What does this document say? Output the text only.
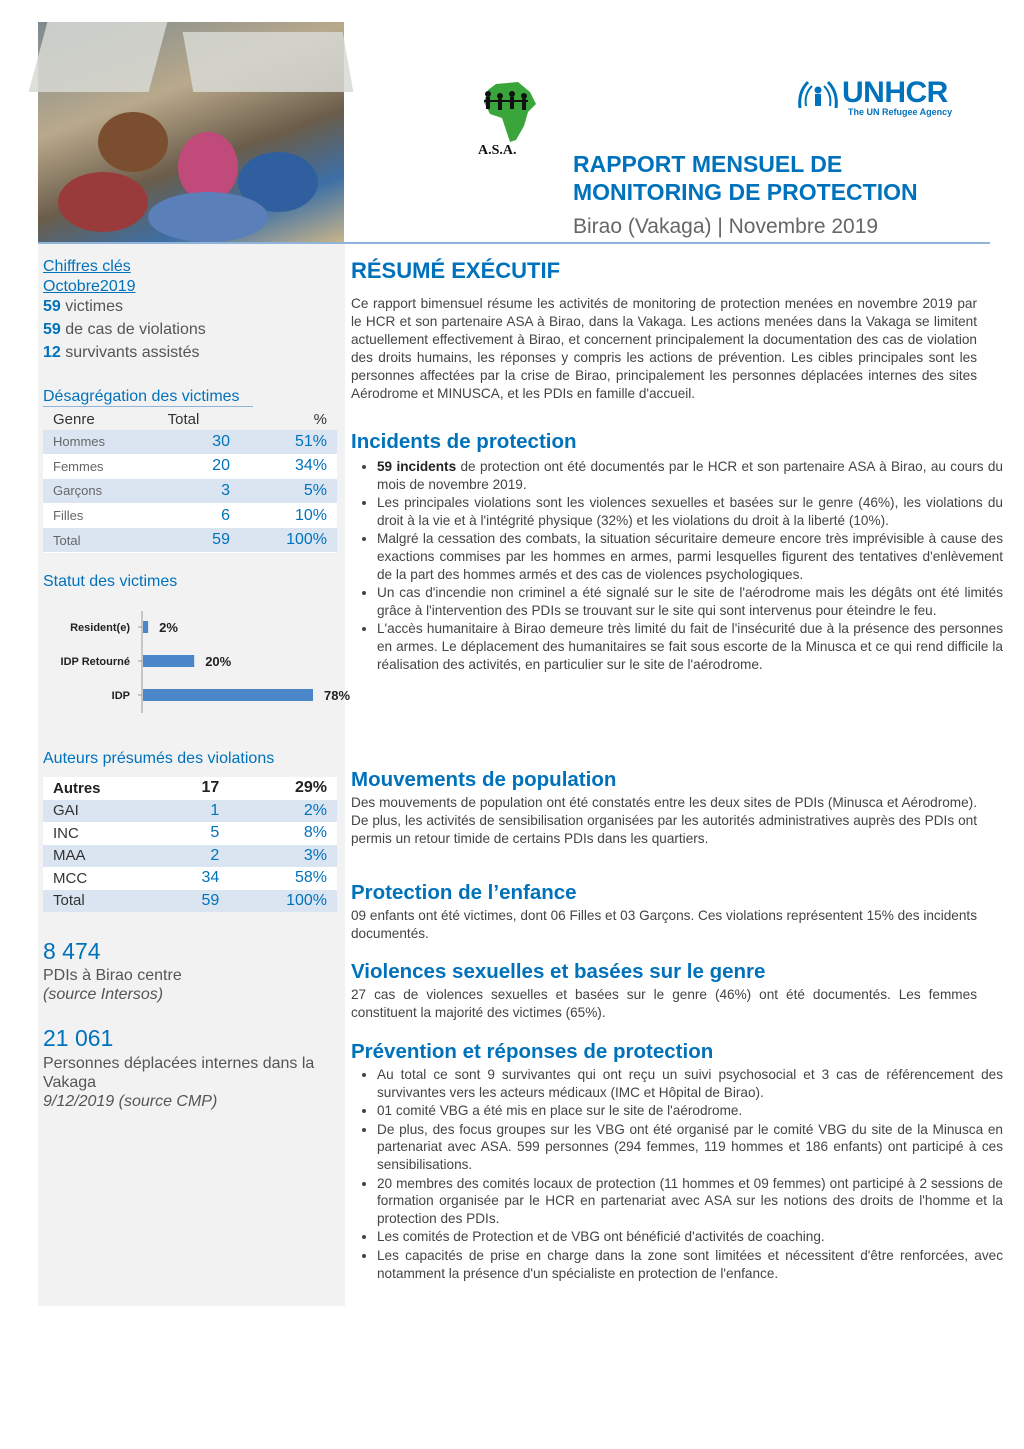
A.S.A.
UNHCR
The UN Refugee Agency
RAPPORT MENSUEL DE
MONITORING DE PROTECTION
Birao (Vakaga) | Novembre 2019
Chiffres clés
Octobre2019
59 victimes
59 de cas de violations
12 survivants assistés
Désagrégation des victimes
Genre	Total	%
Hommes	30	51%
Femmes	20	34%
Garçons	3	5%
Filles	6	10%
Total	59	100%
Statut des victimes
Resident(e) 2%
IDP Retourné	20%
IDP	78%
Auteurs présumés des violations
Autres	17	29%
GAI	1	2%
INC	5	8%
MAA	2	3%
MCC	34	58%
Total	59	100%
8 474
PDIs à Birao centre
(source Intersos)
21 061
Personnes déplacées internes dans la Vakaga
9/12/2019 (source CMP)
RÉSUMÉ EXÉCUTIF

Ce rapport bimensuel résume les activités de monitoring de protection menées en novembre 2019 par le HCR et son partenaire ASA à Birao, dans la Vakaga. Les actions menées dans la Vakaga se limitent actuellement effectivement à Birao, et concernent principalement la documentation des cas de violation des droits humains, les réponses y compris les actions de prévention. Les cibles principales sont les personnes affectées par la crise de Birao, principalement les personnes déplacées internes des sites Aérodrome et MINUSCA, et les PDIs en famille d'accueil.

Incidents de protection
• 59 incidents de protection ont été documentés par le HCR et son partenaire ASA à Birao, au cours du mois de novembre 2019.
• Les principales violations sont les violences sexuelles et basées sur le genre (46%), les violations du droit à la vie et à l'intégrité physique (32%) et les violations du droit à la liberté (10%).
• Malgré la cessation des combats, la situation sécuritaire demeure encore très imprévisible à cause des exactions commises par les hommes en armes, parmi lesquelles figurent des tentatives d'enlèvement de la part des hommes armés et des cas de violences psychologiques.
• Un cas d'incendie non criminel a été signalé sur le site de l'aérodrome mais les dégâts ont été limités grâce à l'intervention des PDIs se trouvant sur le site qui sont intervenus pour éteindre le feu.
• L'accès humanitaire à Birao demeure très limité du fait de l'insécurité due à la présence des personnes en armes. Le déplacement des humanitaires se fait sous escorte de la Minusca et ce qui rend difficile la réalisation des activités, en particulier sur le site de l'aérodrome.
Mouvements de population

Des mouvements de population ont été constatés entre les deux sites de PDIs (Minusca et Aérodrome). De plus, les activités de sensibilisation organisées par les autorités administratives auprès des PDIs ont permis un retour timide de certains PDIs dans les quartiers.

Protection de l’enfance

09 enfants ont été victimes, dont 06 Filles et 03 Garçons. Ces violations représentent 15% des incidents documentés.

Violences sexuelles et basées sur le genre

27 cas de violences sexuelles et basées sur le genre (46%) ont été documentés. Les femmes constituent la majorité des victimes (65%).

Prévention et réponses de protection
• Au total ce sont 9 survivantes qui ont reçu un suivi psychosocial et 3 cas de référencement des survivantes vers les acteurs médicaux (IMC et Hôpital de Birao).
• 01 comité VBG a été mis en place sur le site de l'aérodrome.
• De plus, des focus groupes sur les VBG ont été organisé par le comité VBG du site de la Minusca en partenariat avec ASA. 599 personnes (294 femmes, 119 hommes et 186 enfants) ont participé à ces sensibilisations.
• 20 membres des comités locaux de protection (11 hommes et 09 femmes) ont participé à 2 sessions de formation organisée par le HCR en partenariat avec ASA sur les notions des droits de l'homme et la protection des PDIs.
• Les comités de Protection et de VBG ont bénéficié d'activités de coaching.
• Les capacités de prise en charge dans la zone sont limitées et nécessitent d'être renforcées, avec notamment la présence d'un spécialiste en protection de l'enfance.
